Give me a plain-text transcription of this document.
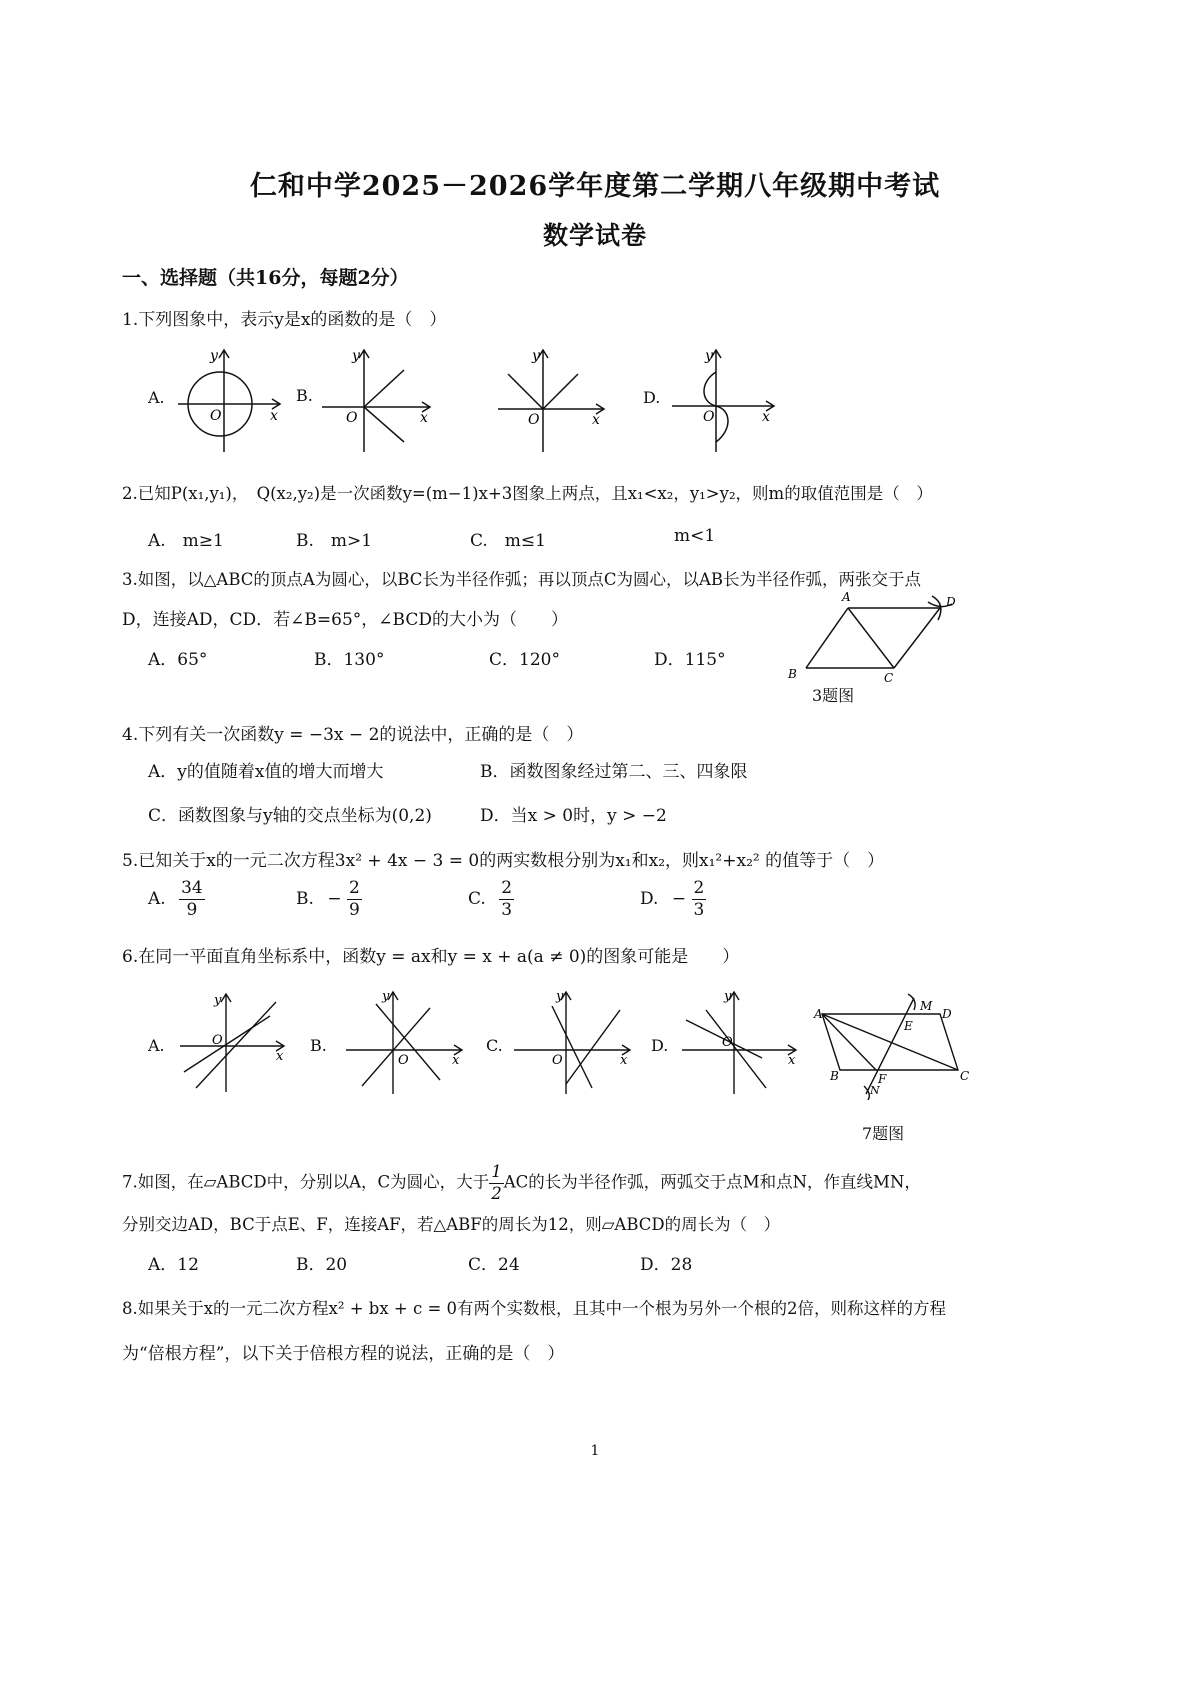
仁和中学2025－2026学年度第二学期八年级期中考试
数学试卷
一、选择题（共16分，每题2分）
1.下列图象中，表示y是x的函数的是（　）
A.	B.	D.
y
x
O
y
x
O
y
x
O
y
x
O
2.已知P(x₁,y₁)，　Q(x₂,y₂)是一次函数y=(m−1)x+3图象上两点，且x₁<x₂，y₁>y₂，则m的取值范围是（　）
A.　m≥1	B.　m>1	C.　m≤1	m<1
3.如图，以△ABC的顶点A为圆心，以BC长为半径作弧；再以顶点C为圆心，以AB长为半径作弧，两张交于点
D，连接AD，CD．若∠B=65°，∠BCD的大小为（　　）
A．65°	B．130°	C．120°	D．115°
A
B	C
D
3题图
4.下列有关一次函数y = −3x − 2的说法中，正确的是（　）
A．y的值随着x值的增大而增大	B．函数图象经过第二、三、四象限
C．函数图象与y轴的交点坐标为(0,2)	D．当x > 0时，y > −2
5.已知关于x的一元二次方程3x² + 4x − 3 = 0的两实数根分别为x₁和x₂，则x₁²+x₂² 的值等于（　）
A. $\frac{34}{9}$	B. − $\frac{2}{9}$	C. $\frac{2}{3}$	D. − $\frac{2}{3}$
6.在同一平面直角坐标系中，函数y = ax和y = x + a(a ≠ 0)的图象可能是　　）
A.	B.	C.	D.
y
x
O
y
x
O
y
x
O
y
x
O
A
B	C
D
E
F
M
N
7题图
7.如图，在▱ABCD中，分别以A，C为圆心，大于 $\frac{1}{2}$ AC的长为半径作弧，两弧交于点M和点N，作直线MN，
分别交边AD，BC于点E、F，连接AF，若△ABF的周长为12，则▱ABCD的周长为（　）
A．12	B．20	C．24	D．28
8.如果关于x的一元二次方程x² + bx + c = 0有两个实数根，且其中一个根为另外一个根的2倍，则称这样的方程
为“倍根方程”，以下关于倍根方程的说法，正确的是（　）
1
